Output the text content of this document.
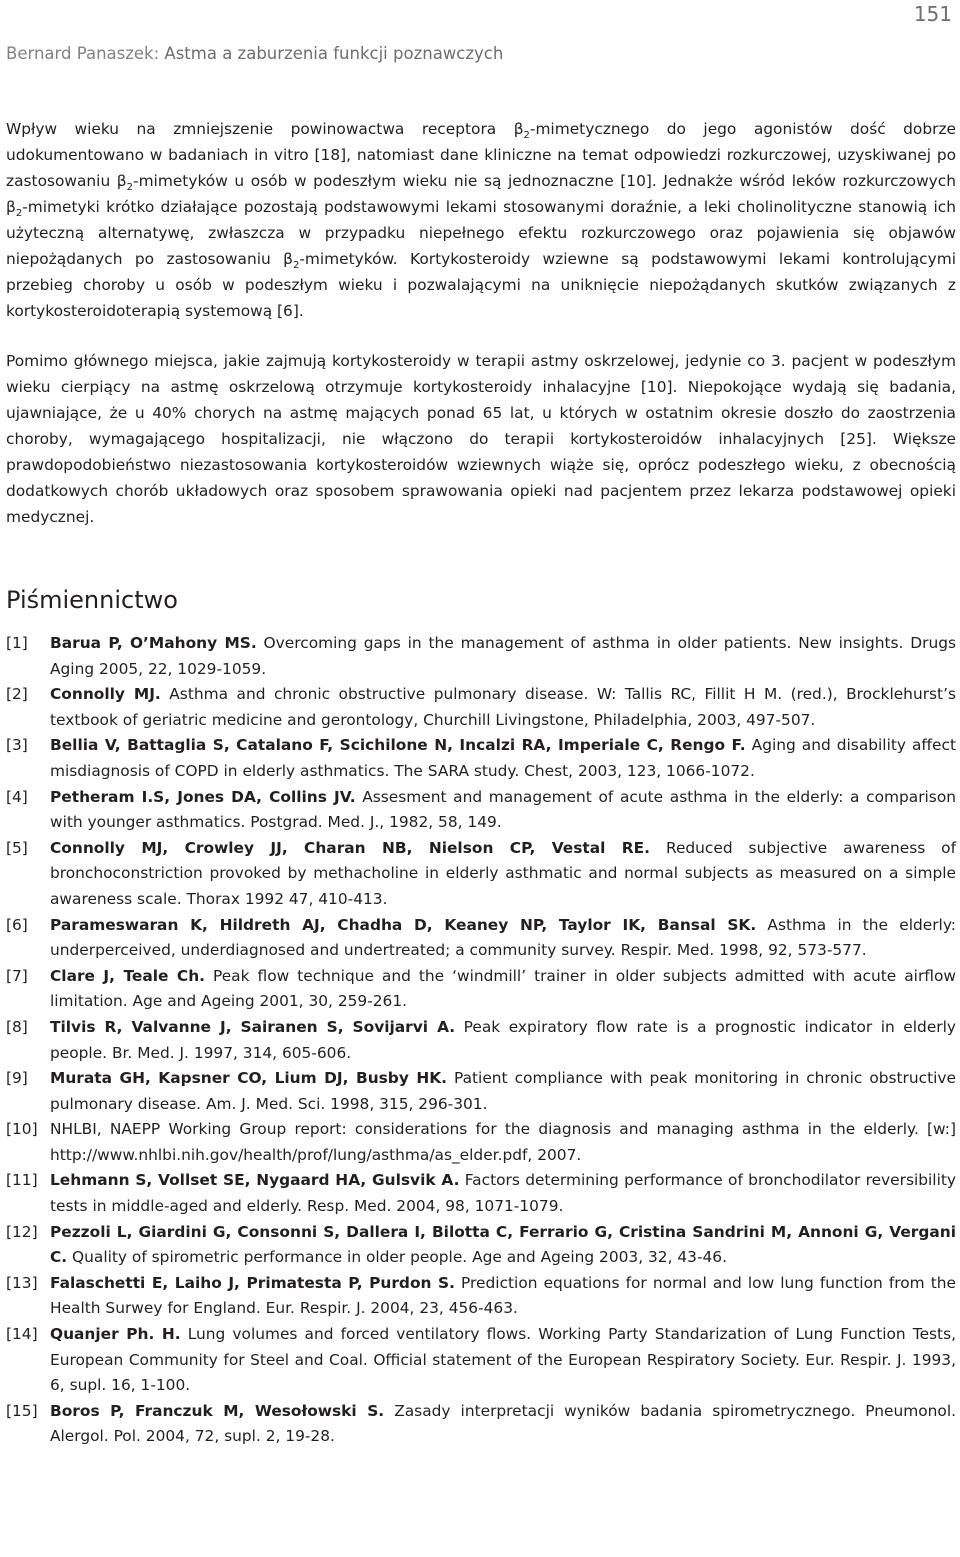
151
Bernard Panaszek: Astma a zaburzenia funkcji poznawczych

Wpływ wieku na zmniejszenie powinowactwa receptora $\beta_2$-mimetycznego do jego agonistów dość dobrze udokumentowano w badaniach in vitro [18], natomiast dane kliniczne na temat odpowiedzi rozkurczowej, uzyskiwanej po zastosowaniu $\beta_2$-mimetyków u osób w podeszłym wieku nie są jednoznaczne [10]. Jednakże wśród leków rozkurczowych $\beta_2$-mimetyki krótko działające pozostają podstawowymi lekami stosowanymi doraźnie, a leki cholinolityczne stanowią ich użyteczną alternatywę, zwłaszcza w przypadku niepełnego efektu rozkurczowego oraz pojawienia się objawów niepożądanych po zastosowaniu $\beta_2$-mimetyków. Kortykosteroidy wziewne są podstawowymi lekami kontrolującymi przebieg choroby u osób w podeszłym wieku i pozwalającymi na uniknięcie niepożądanych skutków związanych z kortykosteroidoterapią systemową [6].

Pomimo głównego miejsca, jakie zajmują kortykosteroidy w terapii astmy oskrzelowej, jedynie co 3. pacjent w podeszłym wieku cierpiący na astmę oskrzelową otrzymuje kortykosteroidy inhalacyjne [10]. Niepokojące wydają się badania, ujawniające, że u 40% chorych na astmę mających ponad 65 lat, u których w ostatnim okresie doszło do zaostrzenia choroby, wymagającego hospitalizacji, nie włączono do terapii kortykosteroidów inhalacyjnych [25]. Większe prawdopodobieństwo niezastosowania kortykosteroidów wziewnych wiąże się, oprócz podeszłego wieku, z obecnością dodatkowych chorób układowych oraz sposobem sprawowania opieki nad pacjentem przez lekarza podstawowej opieki medycznej.

Piśmiennictwo
[1]	Barua P, O’Mahony MS. Overcoming gaps in the management of asthma in older patients. New insights. Drugs Aging 2005, 22, 1029-1059.
[2]	Connolly MJ. Asthma and chronic obstructive pulmonary disease. W: Tallis RC, Fillit H M. (red.), Brocklehurst’s textbook of geriatric medicine and gerontology, Churchill Livingstone, Philadelphia, 2003, 497-507.
[3]	Bellia V, Battaglia S, Catalano F, Scichilone N, Incalzi RA, Imperiale C, Rengo F. Aging and disability affect misdiagnosis of COPD in elderly asthmatics. The SARA study. Chest, 2003, 123, 1066-1072.
[4]	Petheram I.S, Jones DA, Collins JV. Assesment and management of acute asthma in the elderly: a comparison with younger asthmatics. Postgrad. Med. J., 1982, 58, 149.
[5]	Connolly MJ, Crowley JJ, Charan NB, Nielson CP, Vestal RE. Reduced subjective awareness of bronchoconstriction provoked by methacholine in elderly asthmatic and normal subjects as measured on a simple awareness scale. Thorax 1992 47, 410-413.
[6]	Parameswaran K, Hildreth AJ, Chadha D, Keaney NP, Taylor IK, Bansal SK. Asthma in the elderly: underperceived, underdiagnosed and undertreated; a community survey. Respir. Med. 1998, 92, 573-577.
[7]	Clare J, Teale Ch. Peak flow technique and the ‘windmill’ trainer in older subjects admitted with acute airflow limitation. Age and Ageing 2001, 30, 259-261.
[8]	Tilvis R, Valvanne J, Sairanen S, Sovijarvi A. Peak expiratory flow rate is a prognostic indicator in elderly people. Br. Med. J. 1997, 314, 605-606.
[9]	Murata GH, Kapsner CO, Lium DJ, Busby HK. Patient compliance with peak monitoring in chronic obstructive pulmonary disease. Am. J. Med. Sci. 1998, 315, 296-301.
[10] NHLBI, NAEPP Working Group report: considerations for the diagnosis and managing asthma in the elderly. [w:] http://www.nhlbi.nih.gov/health/prof/lung/asthma/as_elder.pdf, 2007.
[11] Lehmann S, Vollset SE, Nygaard HA, Gulsvik A. Factors determining performance of bronchodilator reversibility tests in middle-aged and elderly. Resp. Med. 2004, 98, 1071-1079.
[12] Pezzoli L, Giardini G, Consonni S, Dallera I, Bilotta C, Ferrario G, Cristina Sandrini M, Annoni G, Vergani C. Quality of spirometric performance in older people. Age and Ageing 2003, 32, 43-46.
[13] Falaschetti E, Laiho J, Primatesta P, Purdon S. Prediction equations for normal and low lung function from the Health Surwey for England. Eur. Respir. J. 2004, 23, 456-463.
[14] Quanjer Ph. H. Lung volumes and forced ventilatory flows. Working Party Standarization of Lung Function Tests, European Community for Steel and Coal. Official statement of the European Respiratory Society. Eur. Respir. J. 1993, 6, supl. 16, 1-100.
[15] Boros P, Franczuk M, Wesołowski S. Zasady interpretacji wyników badania spirometrycznego. Pneumonol. Alergol. Pol. 2004, 72, supl. 2, 19-28.
